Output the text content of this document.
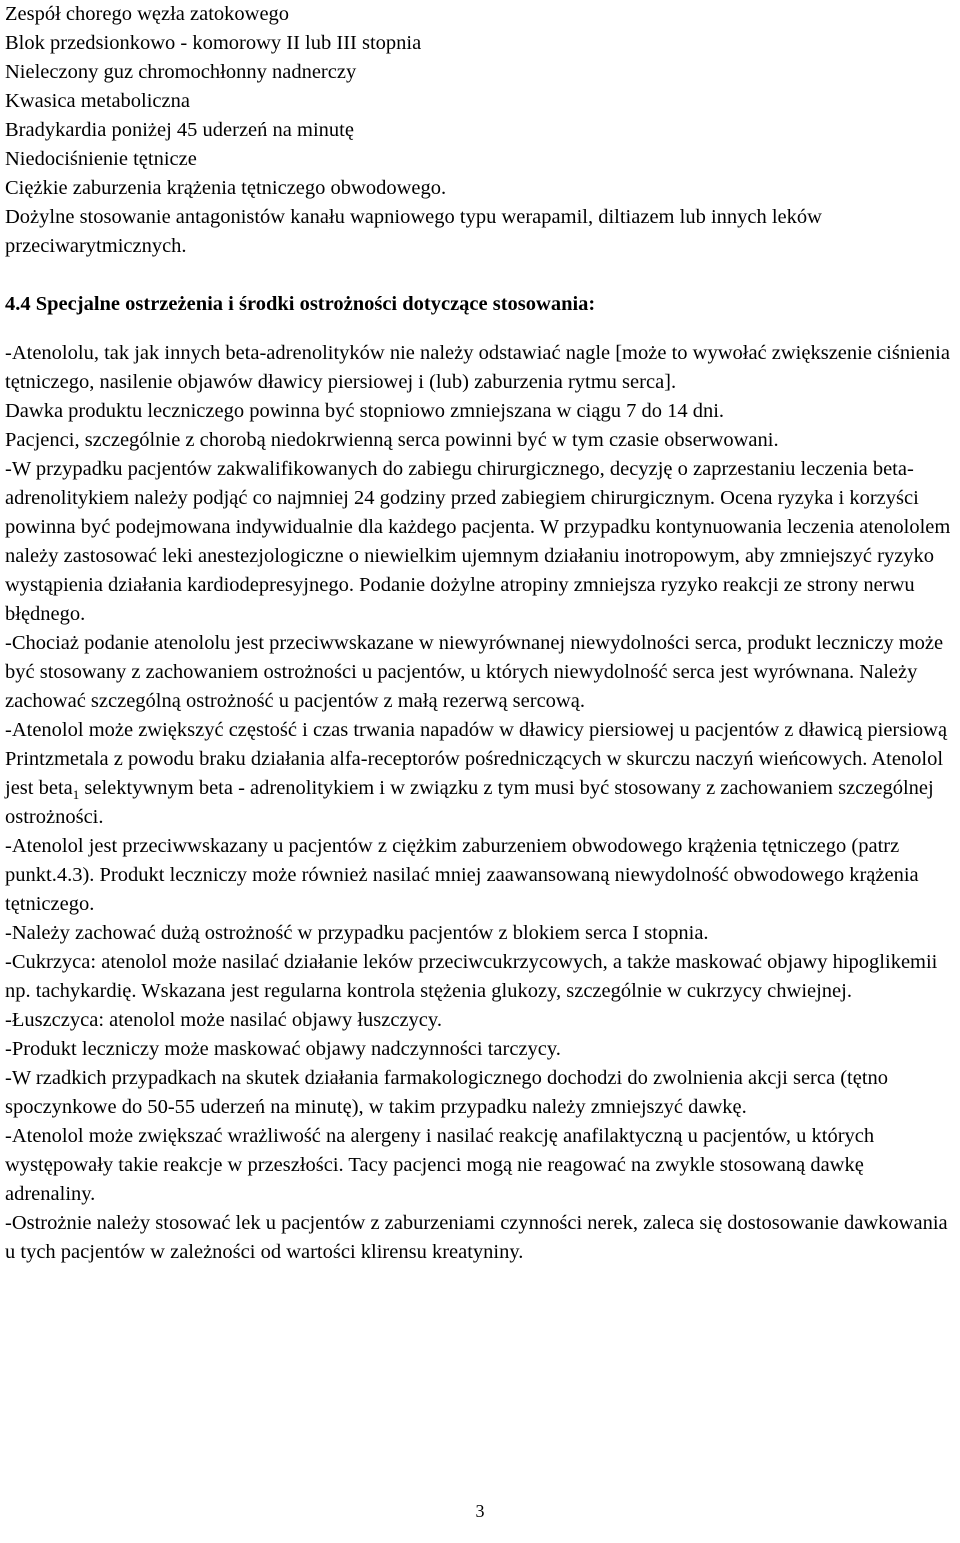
Zespół chorego węzła zatokowego

Blok przedsionkowo - komorowy II lub III stopnia

Nieleczony guz chromochłonny nadnerczy

Kwasica metaboliczna

Bradykardia poniżej 45 uderzeń na minutę

Niedociśnienie tętnicze

Ciężkie zaburzenia krążenia tętniczego obwodowego.

Dożylne stosowanie antagonistów kanału wapniowego typu werapamil, diltiazem lub innych leków przeciwarytmicznych.

4.4 Specjalne ostrzeżenia i środki ostrożności dotyczące stosowania:

-Atenololu, tak jak innych beta-adrenolityków nie należy odstawiać nagle [może to wywołać zwiększenie ciśnienia tętniczego, nasilenie objawów dławicy piersiowej i (lub) zaburzenia rytmu serca].

Dawka produktu leczniczego powinna być stopniowo zmniejszana w ciągu 7 do 14 dni.

Pacjenci, szczególnie z chorobą niedokrwienną serca powinni być w tym czasie obserwowani.

-W przypadku pacjentów zakwalifikowanych do zabiegu chirurgicznego, decyzję o zaprzestaniu leczenia beta-adrenolitykiem należy podjąć co najmniej 24 godziny przed zabiegiem chirurgicznym. Ocena ryzyka i korzyści powinna być podejmowana indywidualnie dla każdego pacjenta. W przypadku kontynuowania leczenia atenololem należy zastosować leki anestezjologiczne o niewielkim ujemnym działaniu inotropowym, aby zmniejszyć ryzyko wystąpienia działania kardiodepresyjnego. Podanie dożylne atropiny zmniejsza ryzyko reakcji ze strony nerwu błędnego.

-Chociaż podanie atenololu jest przeciwwskazane w niewyrównanej niewydolności serca, produkt leczniczy może być stosowany z zachowaniem ostrożności u pacjentów, u których niewydolność serca jest wyrównana. Należy zachować szczególną ostrożność u pacjentów z małą rezerwą sercową.

-Atenolol może zwiększyć częstość i czas trwania napadów w dławicy piersiowej u pacjentów z dławicą piersiową Printzmetala z powodu braku działania alfa-receptorów pośredniczących w skurczu naczyń wieńcowych. Atenolol jest beta$_1$ selektywnym beta - adrenolitykiem i w związku z tym musi być stosowany z zachowaniem szczególnej ostrożności.

-Atenolol jest przeciwwskazany u pacjentów z ciężkim zaburzeniem obwodowego krążenia tętniczego (patrz punkt.4.3). Produkt leczniczy może również nasilać mniej zaawansowaną niewydolność obwodowego krążenia tętniczego.

-Należy zachować dużą ostrożność w przypadku pacjentów z blokiem serca I stopnia.

-Cukrzyca: atenolol może nasilać działanie leków przeciwcukrzycowych, a także maskować objawy hipoglikemii np. tachykardię. Wskazana jest regularna kontrola stężenia glukozy, szczególnie w cukrzycy chwiejnej.

-Łuszczyca: atenolol może nasilać objawy łuszczycy.

-Produkt leczniczy może maskować objawy nadczynności tarczycy.

-W rzadkich przypadkach na skutek działania farmakologicznego dochodzi do zwolnienia akcji serca (tętno spoczynkowe do 50-55 uderzeń na minutę), w takim przypadku należy zmniejszyć dawkę.

-Atenolol może zwiększać wrażliwość na alergeny i nasilać reakcję anafilaktyczną u pacjentów, u których występowały takie reakcje w przeszłości. Tacy pacjenci mogą nie reagować na zwykle stosowaną dawkę adrenaliny.

-Ostrożnie należy stosować lek u pacjentów z zaburzeniami czynności nerek, zaleca się dostosowanie dawkowania u tych pacjentów w zależności od wartości klirensu kreatyniny.

3
